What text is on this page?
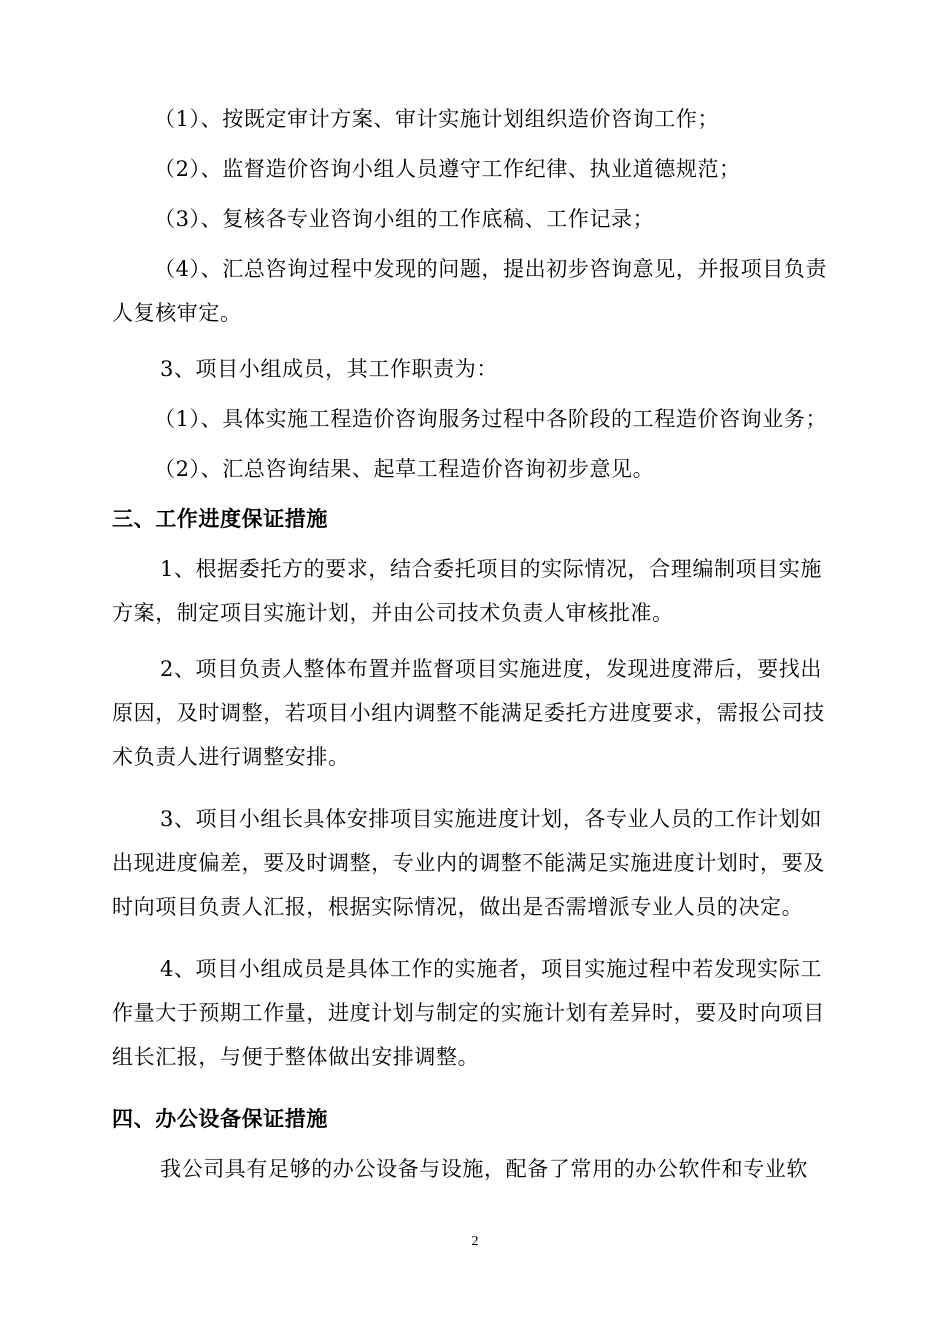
（1）、按既定审计方案、审计实施计划组织造价咨询工作；

（2）、监督造价咨询小组人员遵守工作纪律、执业道德规范；

（3）、复核各专业咨询小组的工作底稿、工作记录；

（4）、汇总咨询过程中发现的问题，提出初步咨询意见，并报项目负责人复核审定。

3、项目小组成员，其工作职责为：

（1）、具体实施工程造价咨询服务过程中各阶段的工程造价咨询业务；

（2）、汇总咨询结果、起草工程造价咨询初步意见。

三、工作进度保证措施

1、根据委托方的要求，结合委托项目的实际情况，合理编制项目实施方案，制定项目实施计划，并由公司技术负责人审核批准。

2、项目负责人整体布置并监督项目实施进度，发现进度滞后，要找出原因，及时调整，若项目小组内调整不能满足委托方进度要求，需报公司技术负责人进行调整安排。

3、项目小组长具体安排项目实施进度计划，各专业人员的工作计划如出现进度偏差，要及时调整，专业内的调整不能满足实施进度计划时，要及时向项目负责人汇报，根据实际情况，做出是否需增派专业人员的决定。

4、项目小组成员是具体工作的实施者，项目实施过程中若发现实际工作量大于预期工作量，进度计划与制定的实施计划有差异时，要及时向项目组长汇报，与便于整体做出安排调整。

四、办公设备保证措施

我公司具有足够的办公设备与设施，配备了常用的办公软件和专业软

2
